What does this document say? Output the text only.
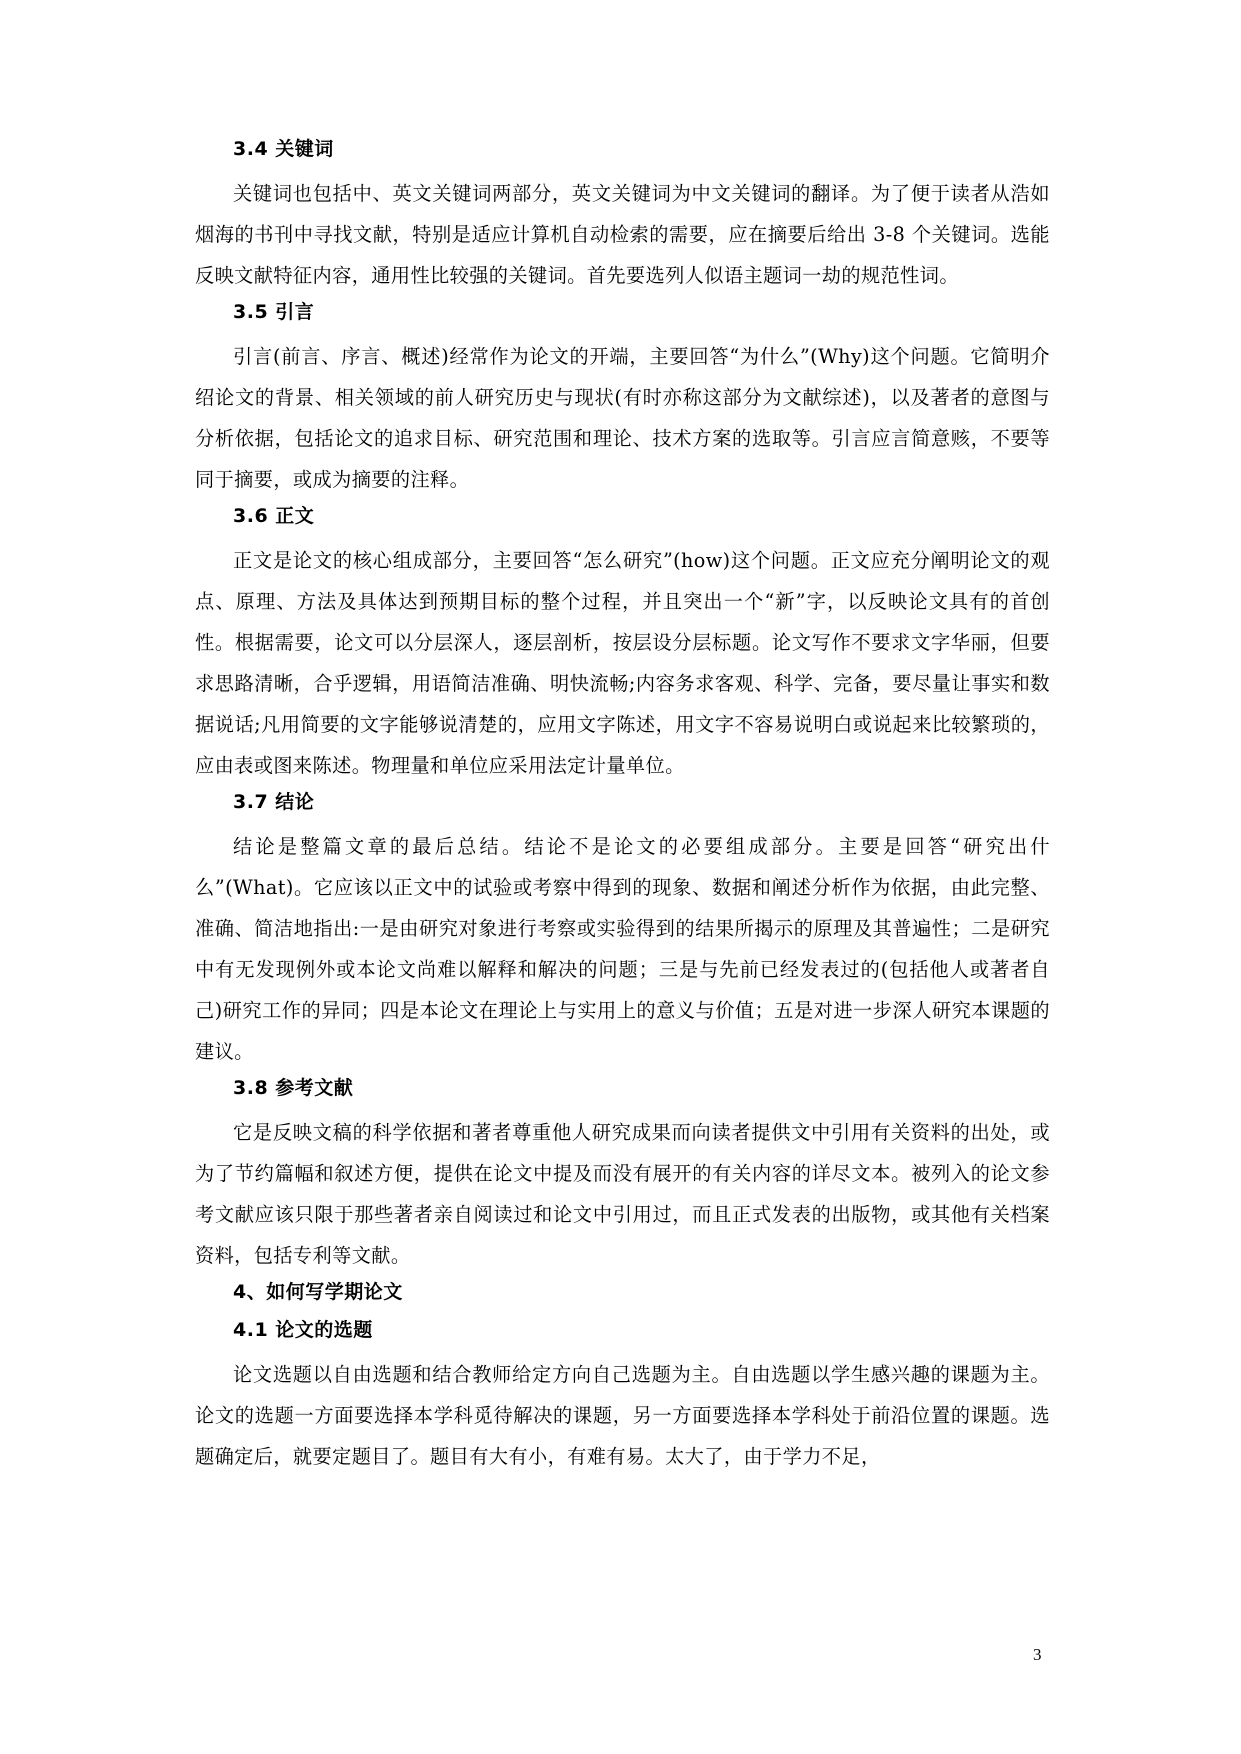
3.4 关键词

关键词也包括中、英文关键词两部分，英文关键词为中文关键词的翻译。为了便于读者从浩如烟海的书刊中寻找文献，特别是适应计算机自动检索的需要，应在摘要后给出 3-8 个关键词。选能反映文献特征内容，通用性比较强的关键词。首先要选列人似语主题词一劫的规范性词。

3.5 引言

引言(前言、序言、概述)经常作为论文的开端，主要回答“为什么”(Why)这个问题。它简明介绍论文的背景、相关领域的前人研究历史与现状(有时亦称这部分为文献综述)，以及著者的意图与分析依据，包括论文的追求目标、研究范围和理论、技术方案的选取等。引言应言简意赅，不要等同于摘要，或成为摘要的注释。

3.6 正文

正文是论文的核心组成部分，主要回答“怎么研究”(how)这个问题。正文应充分阐明论文的观点、原理、方法及具体达到预期目标的整个过程，并且突出一个“新”字，以反映论文具有的首创性。根据需要，论文可以分层深人，逐层剖析，按层设分层标题。论文写作不要求文字华丽，但要求思路清晰，合乎逻辑，用语简洁准确、明快流畅;内容务求客观、科学、完备，要尽量让事实和数据说话;凡用简要的文字能够说清楚的，应用文字陈述，用文字不容易说明白或说起来比较繁琐的，应由表或图来陈述。物理量和单位应采用法定计量单位。

3.7 结论

结论是整篇文章的最后总结。结论不是论文的必要组成部分。主要是回答“研究出什么”(What)。它应该以正文中的试验或考察中得到的现象、数据和阐述分析作为依据，由此完整、准确、简洁地指出:一是由研究对象进行考察或实验得到的结果所揭示的原理及其普遍性；二是研究中有无发现例外或本论文尚难以解释和解决的问题；三是与先前已经发表过的(包括他人或著者自己)研究工作的异同；四是本论文在理论上与实用上的意义与价值；五是对进一步深人研究本课题的建议。

3.8 参考文献

它是反映文稿的科学依据和著者尊重他人研究成果而向读者提供文中引用有关资料的出处，或为了节约篇幅和叙述方便，提供在论文中提及而没有展开的有关内容的详尽文本。被列入的论文参考文献应该只限于那些著者亲自阅读过和论文中引用过，而且正式发表的出版物，或其他有关档案资料，包括专利等文献。

4、如何写学期论文
4.1 论文的选题

论文选题以自由选题和结合教师给定方向自己选题为主。自由选题以学生感兴趣的课题为主。论文的选题一方面要选择本学科觅待解决的课题，另一方面要选择本学科处于前沿位置的课题。选题确定后，就要定题目了。题目有大有小，有难有易。太大了，由于学力不足，

3
